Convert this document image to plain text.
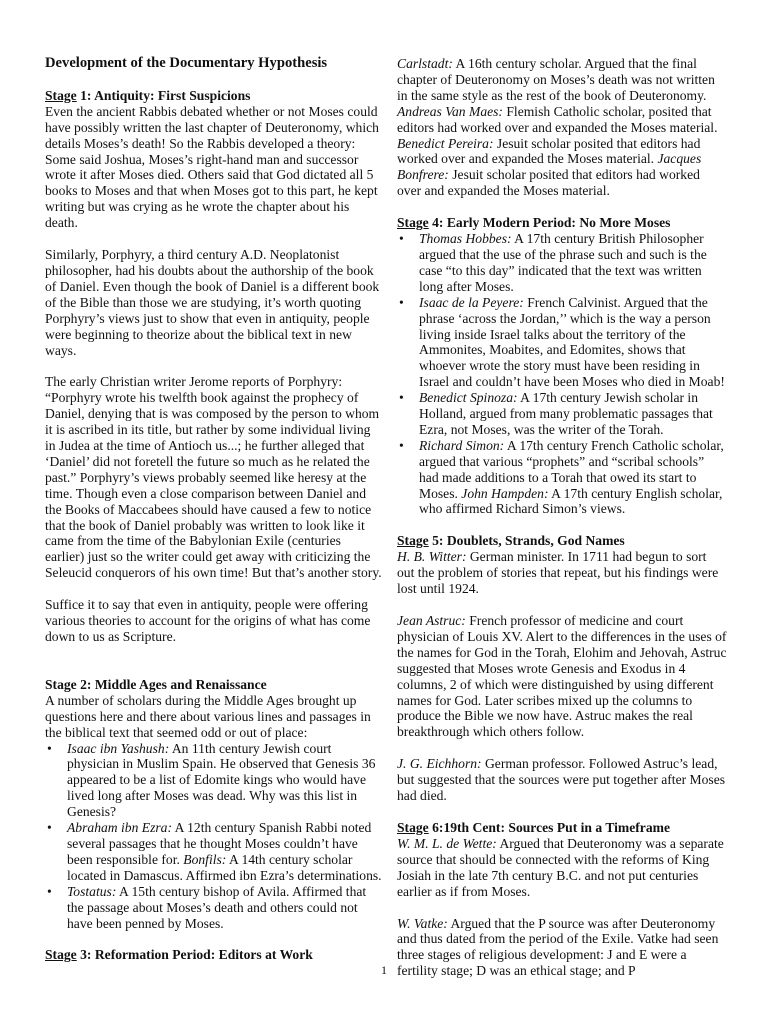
Development of the Documentary Hypothesis

Stage 1: Antiquity: First Suspicions

Even the ancient Rabbis debated whether or not Moses could have possibly written the last chapter of Deuteronomy, which details Moses’s death! So the Rabbis developed a theory: Some said Joshua, Moses’s right-hand man and successor wrote it after Moses died. Others said that God dictated all 5 books to Moses and that when Moses got to this part, he kept writing but was crying as he wrote the chapter about his death.

Similarly, Porphyry, a third century A.D. Neoplatonist philosopher, had his doubts about the authorship of the book of Daniel. Even though the book of Daniel is a different book of the Bible than those we are studying, it’s worth quoting Porphyry’s views just to show that even in antiquity, people were beginning to theorize about the biblical text in new ways.

The early Christian writer Jerome reports of Porphyry: “Porphyry wrote his twelfth book against the prophecy of Daniel, denying that is was composed by the person to whom it is ascribed in its title, but rather by some individual living in Judea at the time of Antioch us...; he further alleged that ‘Daniel’ did not foretell the future so much as he related the past.” Porphyry’s views probably seemed like heresy at the time. Though even a close comparison between Daniel and the Books of Maccabees should have caused a few to notice that the book of Daniel probably was written to look like it came from the time of the Babylonian Exile (centuries earlier) just so the writer could get away with criticizing the Seleucid conquerors of his own time! But that’s another story.

Suffice it to say that even in antiquity, people were offering various theories to account for the origins of what has come down to us as Scripture.

Stage 2: Middle Ages and Renaissance

A number of scholars during the Middle Ages brought up questions here and there about various lines and passages in the biblical text that seemed odd or out of place:

• Isaac ibn Yashush: An 11th century Jewish court physician in Muslim Spain. He observed that Genesis 36 appeared to be a list of Edomite kings who would have lived long after Moses was dead. Why was this list in Genesis?
• Abraham ibn Ezra: A 12th century Spanish Rabbi noted several passages that he thought Moses couldn’t have been responsible for. Bonfils: A 14th century scholar located in Damascus. Affirmed ibn Ezra’s determinations.
• Tostatus: A 15th century bishop of Avila. Affirmed that the passage about Moses’s death and others could not have been penned by Moses.

Stage 3: Reformation Period: Editors at Work

Carlstadt: A 16th century scholar. Argued that the final chapter of Deuteronomy on Moses’s death was not written in the same style as the rest of the book of Deuteronomy. Andreas Van Maes: Flemish Catholic scholar, posited that editors had worked over and expanded the Moses material. Benedict Pereira: Jesuit scholar posited that editors had worked over and expanded the Moses material. Jacques Bonfrere: Jesuit scholar posited that editors had worked over and expanded the Moses material.

Stage 4: Early Modern Period: No More Moses

• Thomas Hobbes: A 17th century British Philosopher argued that the use of the phrase such and such is the case “to this day” indicated that the text was written long after Moses.
• Isaac de la Peyere: French Calvinist. Argued that the phrase ‘across the Jordan,’’ which is the way a person living inside Israel talks about the territory of the Ammonites, Moabites, and Edomites, shows that whoever wrote the story must have been residing in Israel and couldn’t have been Moses who died in Moab!
• Benedict Spinoza: A 17th century Jewish scholar in Holland, argued from many problematic passages that Ezra, not Moses, was the writer of the Torah.
• Richard Simon: A 17th century French Catholic scholar, argued that various “prophets” and “scribal schools” had made additions to a Torah that owed its start to Moses. John Hampden: A 17th century English scholar, who affirmed Richard Simon’s views.

Stage 5: Doublets, Strands, God Names

H. B. Witter: German minister. In 1711 had begun to sort out the problem of stories that repeat, but his findings were lost until 1924.

Jean Astruc: French professor of medicine and court physician of Louis XV. Alert to the differences in the uses of the names for God in the Torah, Elohim and Jehovah, Astruc suggested that Moses wrote Genesis and Exodus in 4 columns, 2 of which were distinguished by using different names for God. Later scribes mixed up the columns to produce the Bible we now have. Astruc makes the real breakthrough which others follow.

J. G. Eichhorn: German professor. Followed Astruc’s lead, but suggested that the sources were put together after Moses had died.

Stage 6:19th Cent: Sources Put in a Timeframe

W. M. L. de Wette: Argued that Deuteronomy was a separate source that should be connected with the reforms of King Josiah in the late 7th century B.C. and not put centuries earlier as if from Moses.

W. Vatke: Argued that the P source was after Deuteronomy and thus dated from the period of the Exile. Vatke had seen three stages of religious development: J and E were a fertility stage; D was an ethical stage; and P

1
